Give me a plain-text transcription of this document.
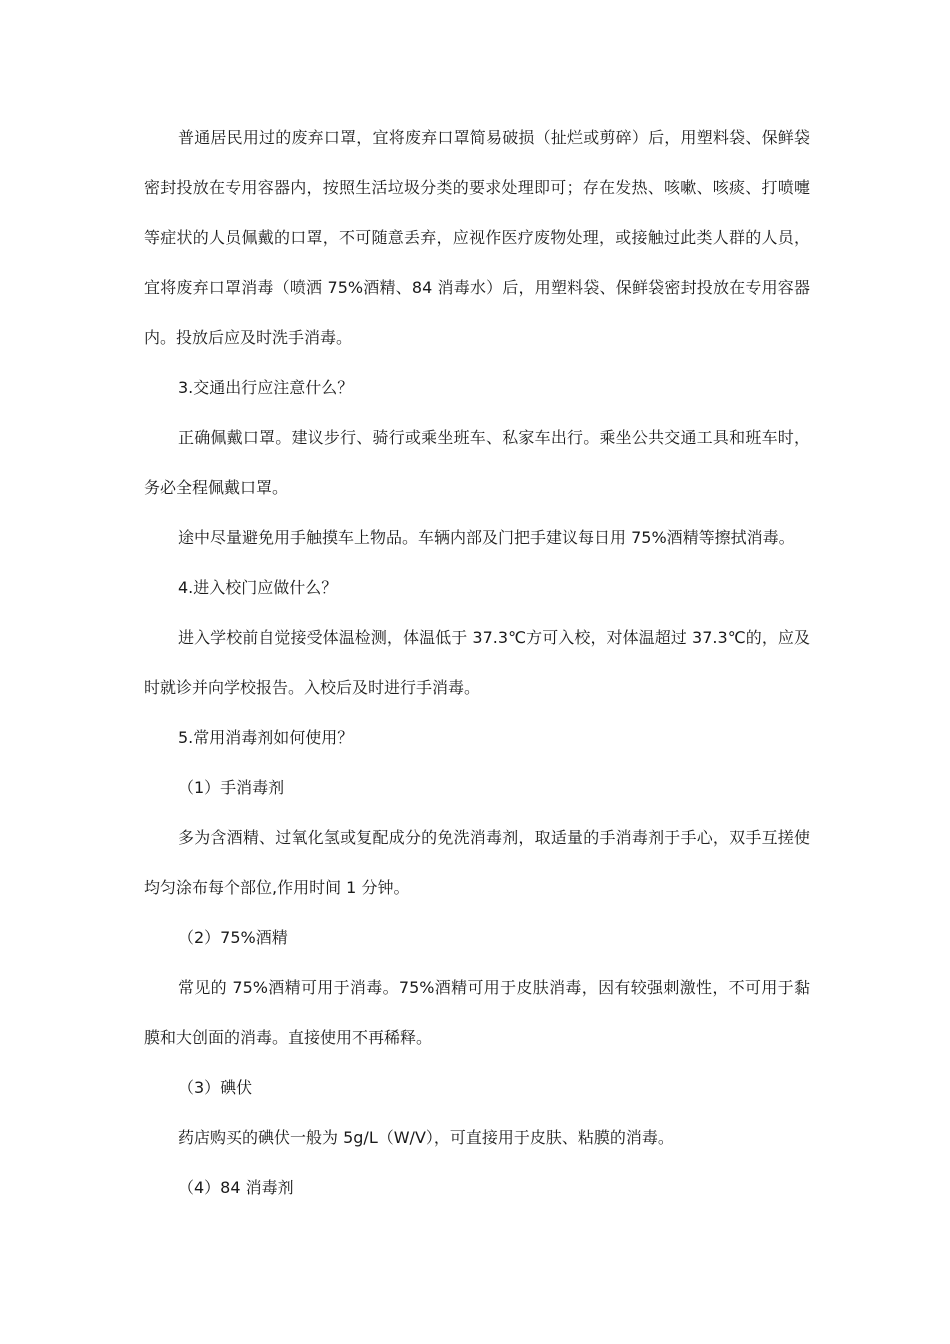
普通居民用过的废弃口罩，宜将废弃口罩简易破损（扯烂或剪碎）后，用塑料袋、保鲜袋密封投放在专用容器内，按照生活垃圾分类的要求处理即可；存在发热、咳嗽、咳痰、打喷嚏等症状的人员佩戴的口罩，不可随意丢弃，应视作医疗废物处理，或接触过此类人群的人员，宜将废弃口罩消毒（喷洒 75%酒精、84 消毒水）后，用塑料袋、保鲜袋密封投放在专用容器内。投放后应及时洗手消毒。

3.交通出行应注意什么？

正确佩戴口罩。建议步行、骑行或乘坐班车、私家车出行。乘坐公共交通工具和班车时，务必全程佩戴口罩。

途中尽量避免用手触摸车上物品。车辆内部及门把手建议每日用 75%酒精等擦拭消毒。

4.进入校门应做什么？

进入学校前自觉接受体温检测，体温低于 37.3℃方可入校，对体温超过 37.3℃的，应及时就诊并向学校报告。入校后及时进行手消毒。

5.常用消毒剂如何使用？

（1）手消毒剂

多为含酒精、过氧化氢或复配成分的免洗消毒剂，取适量的手消毒剂于手心，双手互搓使均匀涂布每个部位,作用时间 1 分钟。

（2）75%酒精

常见的 75%酒精可用于消毒。75%酒精可用于皮肤消毒，因有较强刺激性，不可用于黏膜和大创面的消毒。直接使用不再稀释。

（3）碘伏

药店购买的碘伏一般为 5g/L（W/V），可直接用于皮肤、粘膜的消毒。

（4）84 消毒剂
